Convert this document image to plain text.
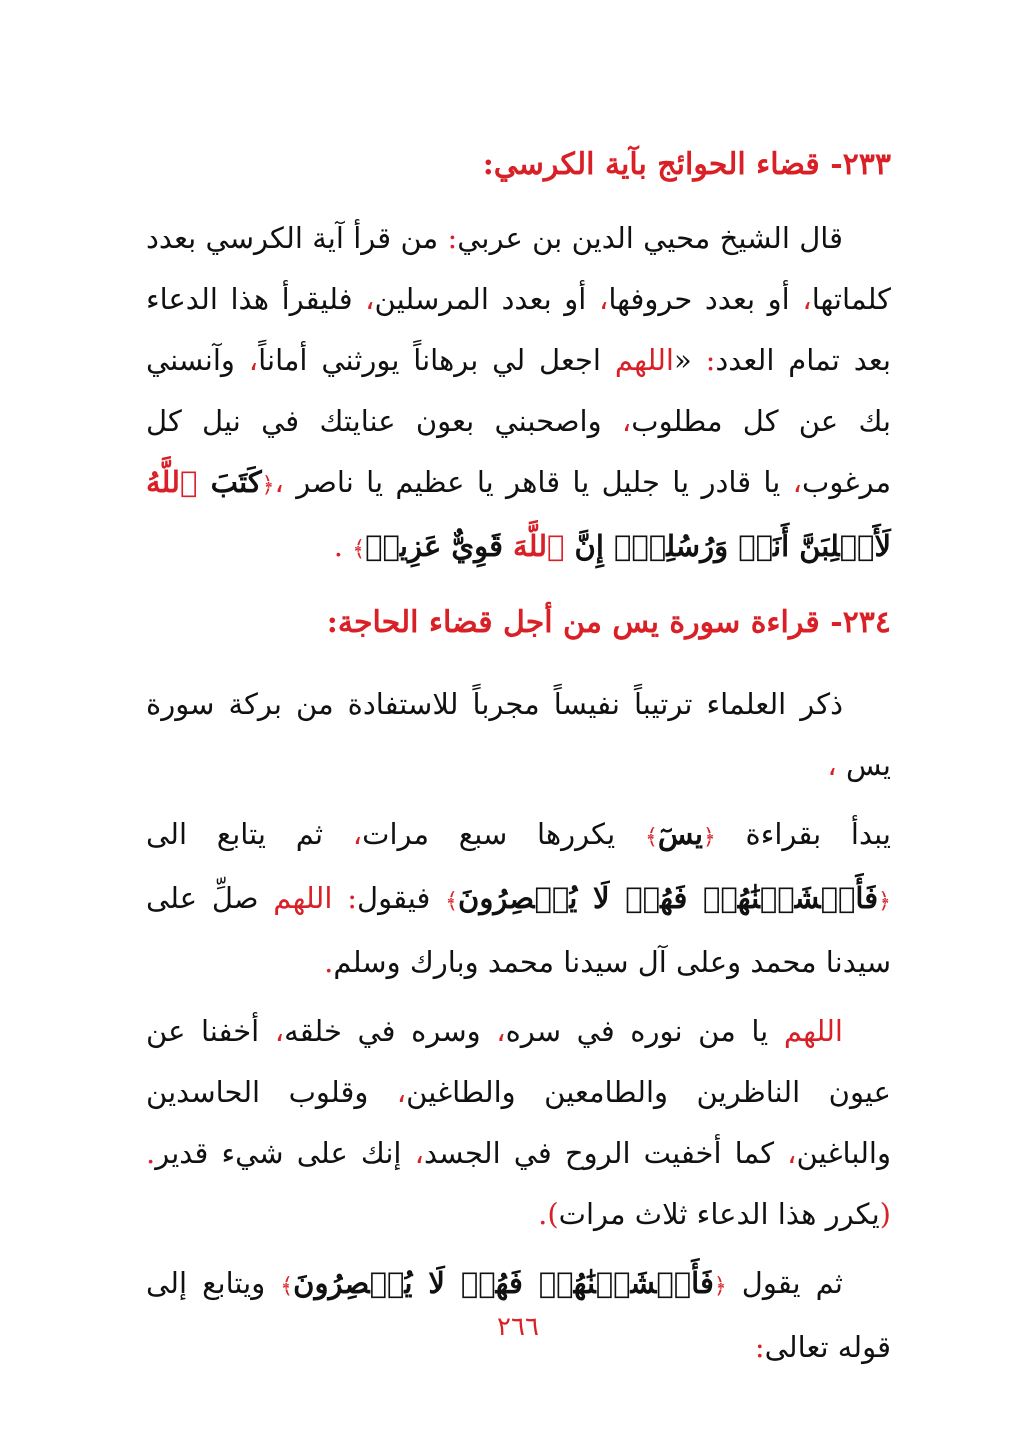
٢٣٣- قضاء الحوائج بآية الكرسي:

قال الشيخ محيي الدين بن عربي: من قرأ آية الكرسي بعدد كلماتها، أو بعدد حروفها، أو بعدد المرسلين، فليقرأ هذا الدعاء بعد تمام العدد: «اللهم اجعل لي برهاناً يورثني أماناً، وآنسني بك عن كل مطلوب، واصحبني بعون عنايتك في نيل كل مرغوب، يا قادر يا جليل يا قاهر يا عظيم يا ناصر ،﴿كَتَبَ ٱللَّهُ لَأَغۡلِبَنَّ أَنَا۠ وَرُسُلِيٓۚ إِنَّ ٱللَّهَ قَوِيٌّ عَزِيزٞ﴾ .

٢٣٤- قراءة سورة يس من أجل قضاء الحاجة:

ذكر العلماء ترتيباً نفيساً مجرباً للاستفادة من بركة سورة يس ،

يبدأ بقراءة ﴿يسٓ﴾ يكررها سبع مرات، ثم يتابع الى ﴿فَأَغۡشَيۡنَٰهُمۡ فَهُمۡ لَا يُبۡصِرُونَ﴾ فيقول: اللهم صلِّ على سيدنا محمد وعلى آل سيدنا محمد وبارك وسلم.

اللهم يا من نوره في سره، وسره في خلقه، أخفنا عن عيون الناظرين والطامعين والطاغين، وقلوب الحاسدين والباغين، كما أخفيت الروح في الجسد، إنك على شيء قدير. (يكرر هذا الدعاء ثلاث مرات).

ثم يقول ﴿فَأَغۡشَيۡنَٰهُمۡ فَهُمۡ لَا يُبۡصِرُونَ﴾ ويتابع إلى قوله تعالى:

٢٦٦
